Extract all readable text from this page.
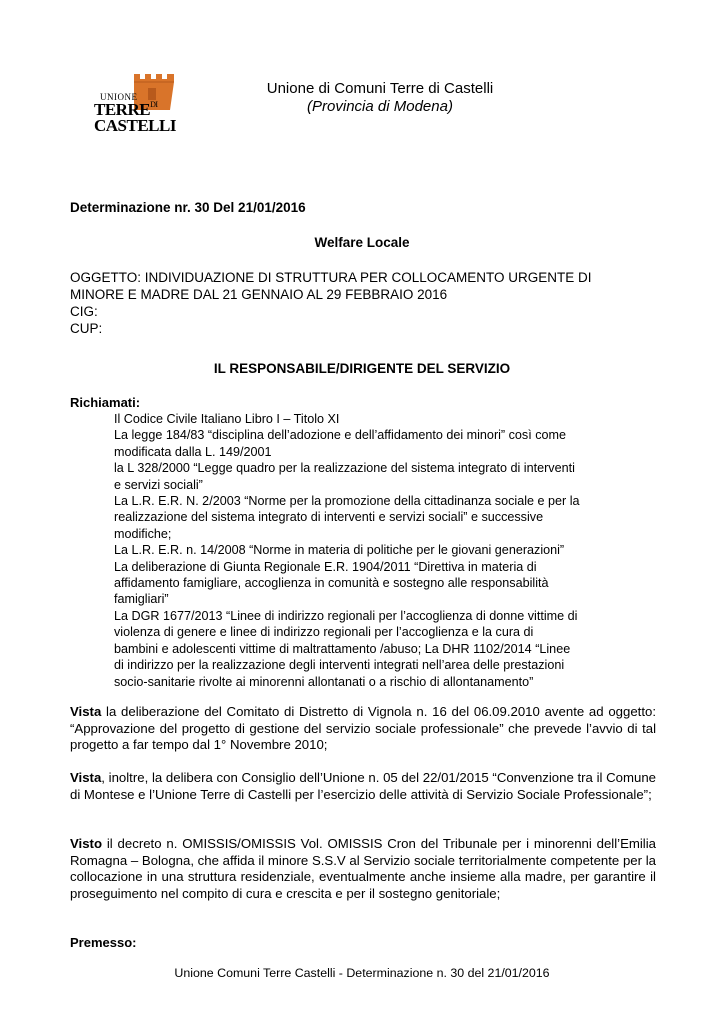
UNIONE
$TERRE^{DI}$
CASTELLI
Unione di Comuni Terre di Castelli
(Provincia di Modena)
Determinazione nr. 30 Del 21/01/2016
Welfare Locale
OGGETTO: INDIVIDUAZIONE DI STRUTTURA PER COLLOCAMENTO URGENTE DI
MINORE E MADRE DAL 21 GENNAIO AL 29 FEBBRAIO 2016
CIG:
CUP:
IL RESPONSABILE/DIRIGENTE DEL SERVIZIO
Richiamati:
Il Codice Civile Italiano Libro I – Titolo XI
La legge 184/83 “disciplina dell’adozione e dell’affidamento dei minori” così come
modificata dalla L. 149/2001
la L 328/2000 “Legge quadro per la realizzazione del sistema integrato di interventi
e servizi sociali”
La L.R. E.R. N. 2/2003 “Norme per la promozione della cittadinanza sociale e per la
realizzazione del sistema integrato di interventi e servizi sociali” e successive
modifiche;
La L.R. E.R. n. 14/2008 “Norme in materia di politiche per le giovani generazioni”
La deliberazione di Giunta Regionale E.R. 1904/2011 “Direttiva in materia di
affidamento famigliare, accoglienza in comunità e sostegno alle responsabilità
famigliari”
La DGR 1677/2013 “Linee di indirizzo regionali per l’accoglienza di donne vittime di
violenza di genere e linee di indirizzo regionali per l’accoglienza e la cura di
bambini e adolescenti vittime di maltrattamento /abuso; La DHR 1102/2014 “Linee
di indirizzo per la realizzazione degli interventi integrati nell’area delle prestazioni
socio-sanitarie rivolte ai minorenni allontanati o a rischio di allontanamento”
Vista la deliberazione del Comitato di Distretto di Vignola n. 16 del 06.09.2010 avente ad oggetto: “Approvazione del progetto di gestione del servizio sociale professionale” che prevede l’avvio di tal progetto a far tempo dal 1° Novembre 2010;
Vista, inoltre, la delibera con Consiglio dell’Unione n. 05 del 22/01/2015 “Convenzione tra il Comune di Montese e l’Unione Terre di Castelli per l’esercizio delle attività di Servizio Sociale Professionale”;
Visto il decreto n. OMISSIS/OMISSIS Vol. OMISSIS Cron del Tribunale per i minorenni dell’Emilia Romagna – Bologna, che affida il minore S.S.V al Servizio sociale territorialmente competente per la collocazione in una struttura residenziale, eventualmente anche insieme alla madre, per garantire il proseguimento nel compito di cura e crescita e per il sostegno genitoriale;
Premesso:
Unione Comuni Terre Castelli - Determinazione n. 30 del 21/01/2016
